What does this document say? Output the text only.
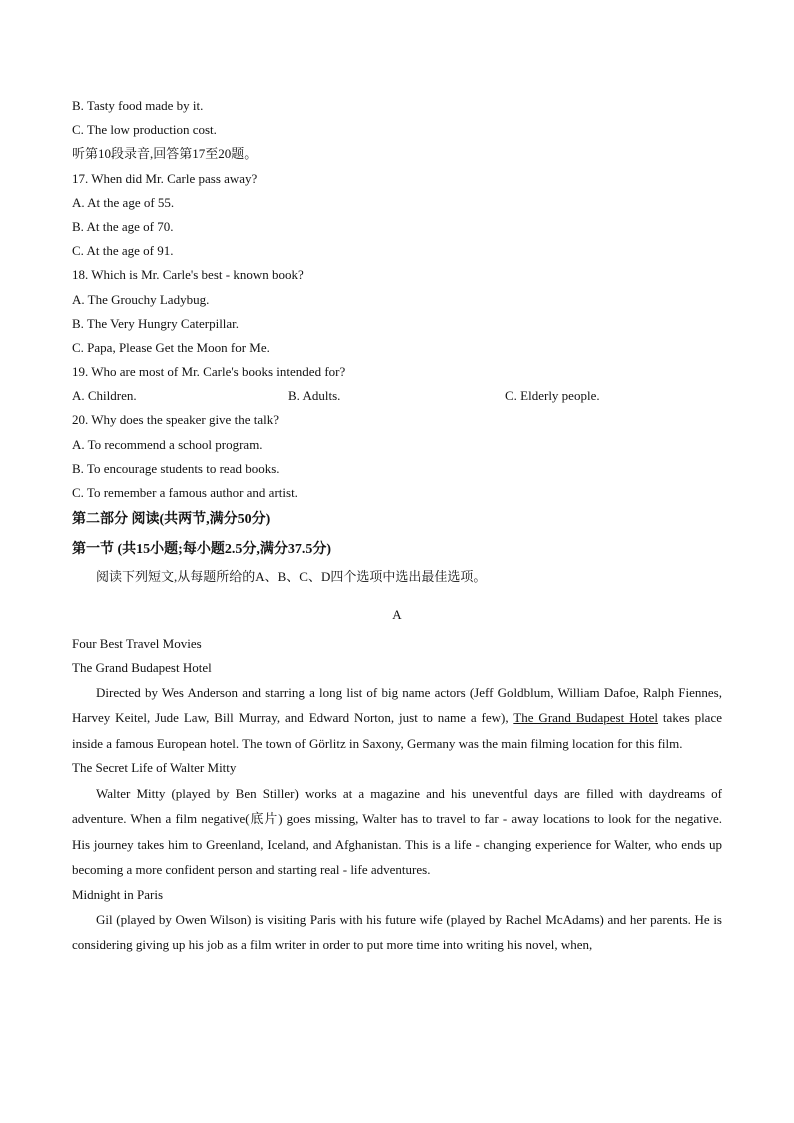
B. Tasty food made by it.
C. The low production cost.
听第10段录音,回答第17至20题。
17. When did Mr. Carle pass away?
A. At the age of 55.
B. At the age of 70.
C. At the age of 91.
18. Which is Mr. Carle's best - known book?
A. The Grouchy Ladybug.
B. The Very Hungry Caterpillar.
C. Papa, Please Get the Moon for Me.
19. Who are most of Mr. Carle's books intended for?
A. Children.	B. Adults.	C. Elderly people.
20. Why does the speaker give the talk?
A. To recommend a school program.
B. To encourage students to read books.
C. To remember a famous author and artist.
第二部分 阅读(共两节,满分50分)
第一节 (共15小题;每小题2.5分,满分37.5分)
阅读下列短文,从每题所给的A、B、C、D四个选项中选出最佳选项。
A
Four Best Travel Movies
The Grand Budapest Hotel
Directed by Wes Anderson and starring a long list of big name actors (Jeff Goldblum, William Dafoe, Ralph Fiennes, Harvey Keitel, Jude Law, Bill Murray, and Edward Norton, just to name a few), The Grand Budapest Hotel takes place inside a famous European hotel. The town of Görlitz in Saxony, Germany was the main filming location for this film.
The Secret Life of Walter Mitty
Walter Mitty (played by Ben Stiller) works at a magazine and his uneventful days are filled with daydreams of adventure. When a film negative(底片) goes missing, Walter has to travel to far - away locations to look for the negative. His journey takes him to Greenland, Iceland, and Afghanistan. This is a life - changing experience for Walter, who ends up becoming a more confident person and starting real - life adventures.
Midnight in Paris
Gil (played by Owen Wilson) is visiting Paris with his future wife (played by Rachel McAdams) and her parents. He is considering giving up his job as a film writer in order to put more time into writing his novel, when,
